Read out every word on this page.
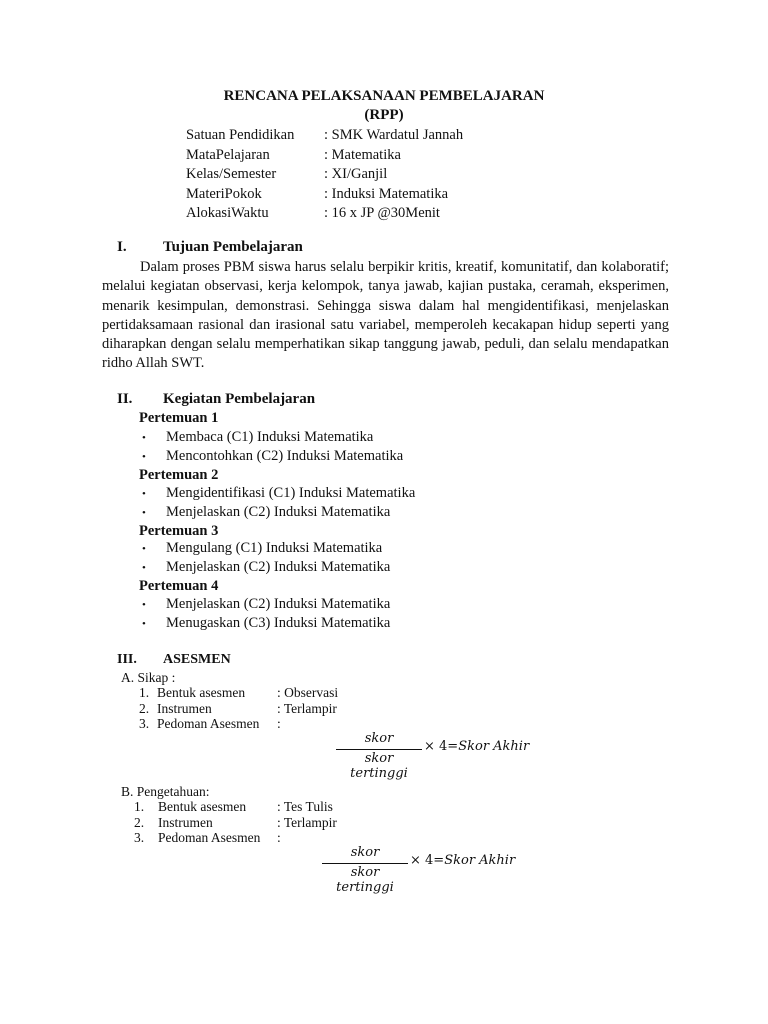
RENCANA PELAKSANAAN PEMBELAJARAN
(RPP)
Satuan Pendidikan : SMK Wardatul Jannah
MataPelajaran	: Matematika
Kelas/Semester	: XI/Ganjil
MateriPokok	: Induksi Matematika
AlokasiWaktu	: 16 x JP @30Menit
I. Tujuan Pembelajaran
Dalam proses PBM siswa harus selalu berpikir kritis, kreatif, komunitatif, dan kolaboratif; melalui kegiatan observasi, kerja kelompok, tanya jawab, kajian pustaka, ceramah, eksperimen, menarik kesimpulan, demonstrasi. Sehingga siswa dalam hal mengidentifikasi, menjelaskan pertidaksamaan rasional dan irasional satu variabel, memperoleh kecakapan hidup seperti yang diharapkan dengan selalu memperhatikan sikap tanggung jawab, peduli, dan selalu mendapatkan ridho Allah SWT.
II. Kegiatan Pembelajaran
Pertemuan 1
• Membaca (C1) Induksi Matematika
• Mencontohkan (C2) Induksi Matematika
Pertemuan 2
• Mengidentifikasi (C1) Induksi Matematika
• Menjelaskan (C2) Induksi Matematika
Pertemuan 3
• Mengulang (C1) Induksi Matematika
• Menjelaskan (C2) Induksi Matematika
Pertemuan 4
• Menjelaskan (C2) Induksi Matematika
• Menugaskan (C3) Induksi Matematika
III. ASESMEN
A. Sikap :
1. Bentuk asesmen : Observasi
2. Instrumen	: Terlampir
3. Pedoman Asesmen :
skor
skor tertinggi
× 4=Skor Akhir
B. Pengetahuan:
1. Bentuk asesmen : Tes Tulis
2. Instrumen	: Terlampir
3. Pedoman Asesmen :
skor
skor tertinggi
× 4=Skor Akhir
